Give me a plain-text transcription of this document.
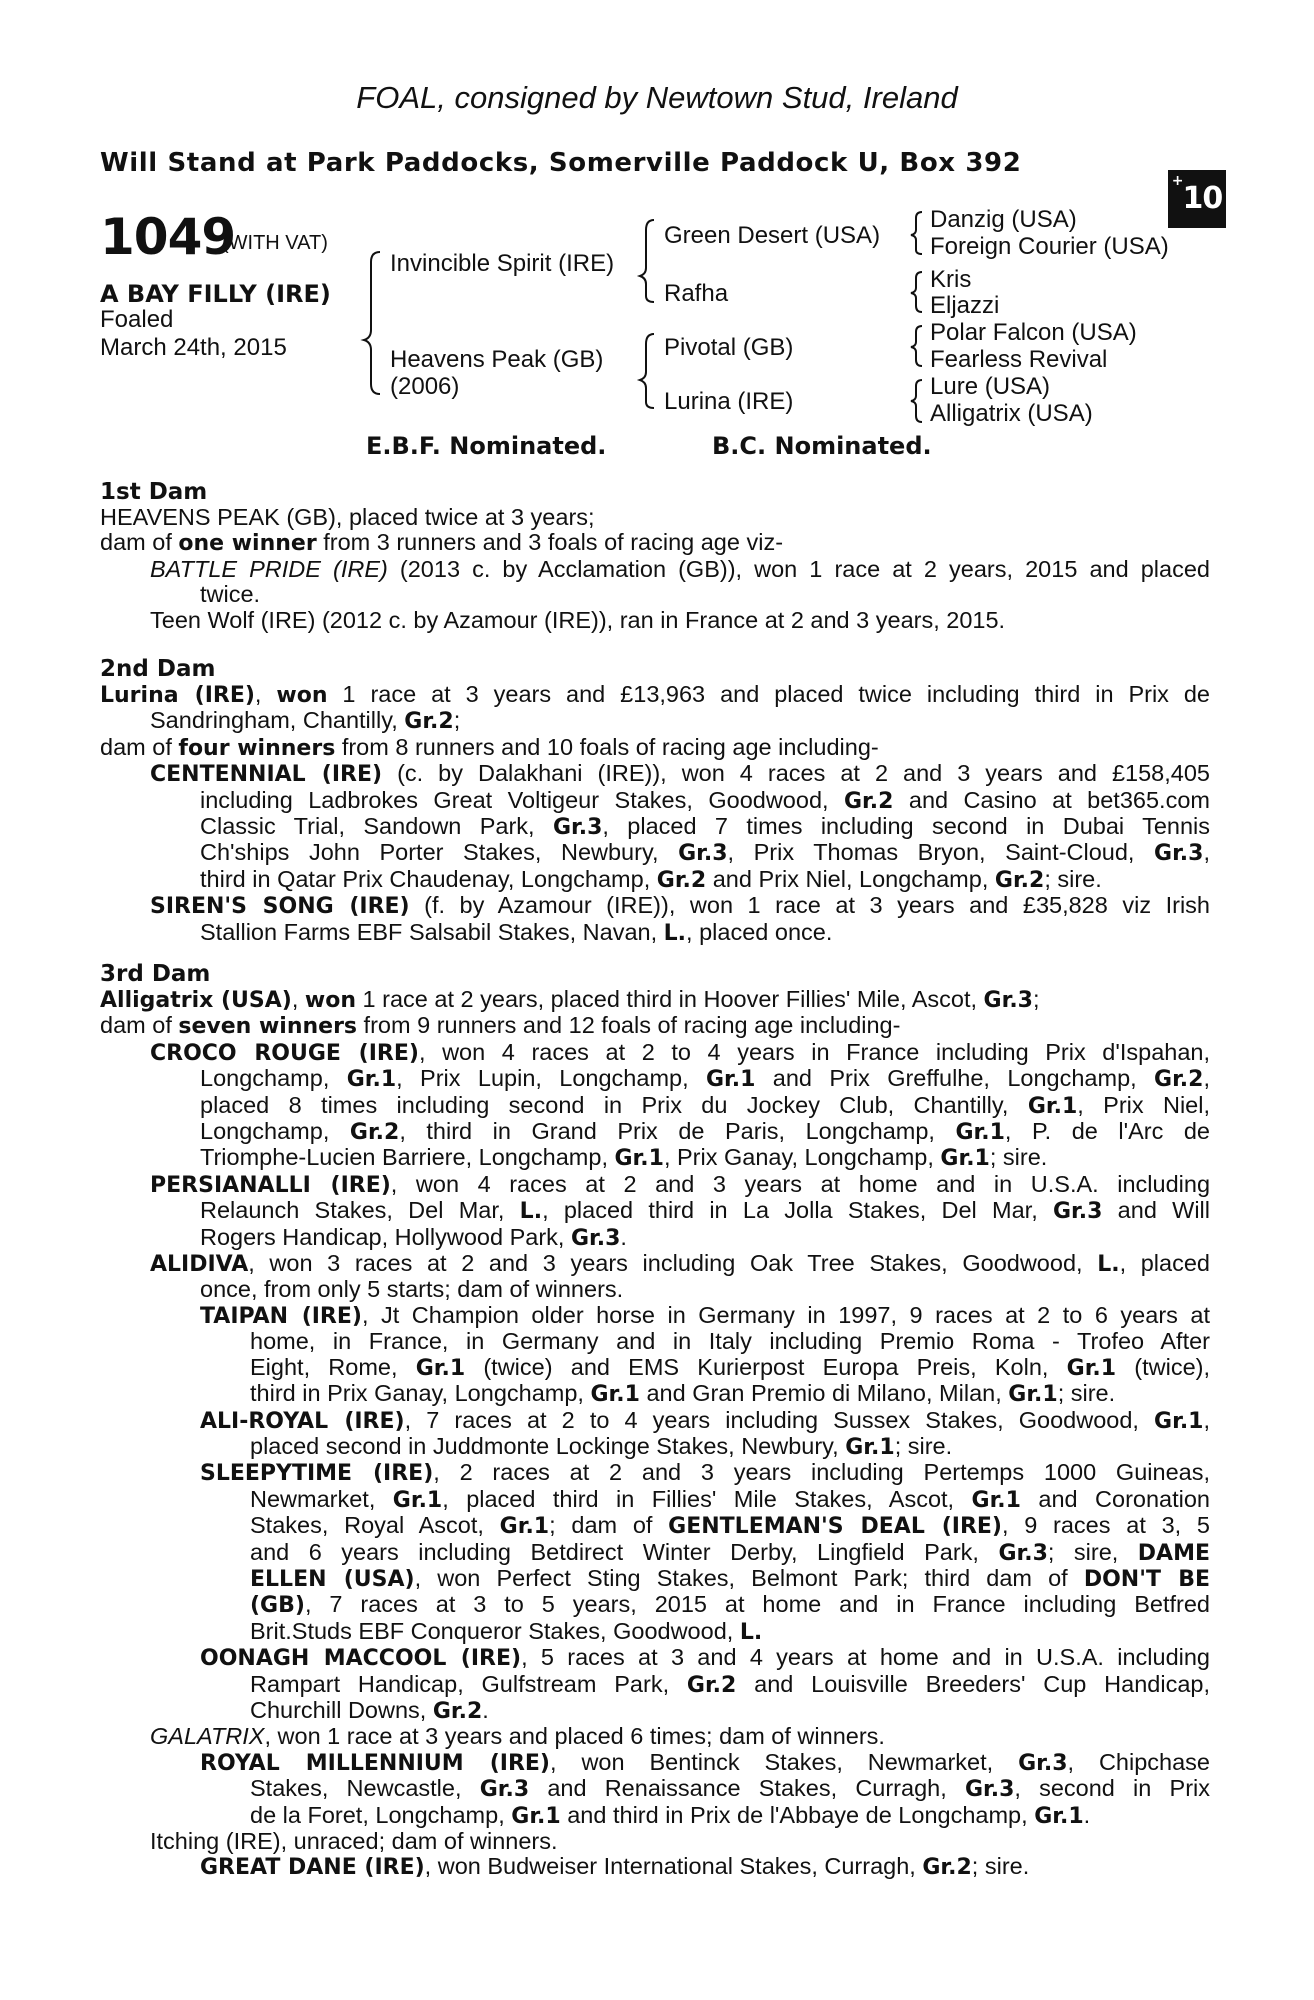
FOAL, consigned by Newtown Stud, Ireland
Will Stand at Park Paddocks, Somerville Paddock U, Box 392
+10
1049
(WITH VAT)
A BAY FILLY (IRE)
Foaled
March 24th, 2015
Invincible Spirit (IRE)
Heavens Peak (GB)
(2006)
Green Desert (USA)
Rafha
Pivotal (GB)
Lurina (IRE)
Danzig (USA)
Foreign Courier (USA)
Kris
Eljazzi
Polar Falcon (USA)
Fearless Revival
Lure (USA)
Alligatrix (USA)
E.B.F. Nominated.	B.C. Nominated.
1st Dam
HEAVENS PEAK (GB), placed twice at 3 years;
dam of one winner from 3 runners and 3 foals of racing age viz-
BATTLE PRIDE (IRE) (2013 c. by Acclamation (GB)), won 1 race at 2 years, 2015 and placed
twice.
Teen Wolf (IRE) (2012 c. by Azamour (IRE)), ran in France at 2 and 3 years, 2015.
2nd Dam
Lurina (IRE), won 1 race at 3 years and £13,963 and placed twice including third in Prix de
Sandringham, Chantilly, Gr.2;
dam of four winners from 8 runners and 10 foals of racing age including-
CENTENNIAL (IRE) (c. by Dalakhani (IRE)), won 4 races at 2 and 3 years and £158,405
including Ladbrokes Great Voltigeur Stakes, Goodwood, Gr.2 and Casino at bet365.com
Classic Trial, Sandown Park, Gr.3, placed 7 times including second in Dubai Tennis
Ch'ships John Porter Stakes, Newbury, Gr.3, Prix Thomas Bryon, Saint-Cloud, Gr.3,
third in Qatar Prix Chaudenay, Longchamp, Gr.2 and Prix Niel, Longchamp, Gr.2; sire.
SIREN'S SONG (IRE) (f. by Azamour (IRE)), won 1 race at 3 years and £35,828 viz Irish
Stallion Farms EBF Salsabil Stakes, Navan, L., placed once.
3rd Dam
Alligatrix (USA), won 1 race at 2 years, placed third in Hoover Fillies' Mile, Ascot, Gr.3;
dam of seven winners from 9 runners and 12 foals of racing age including-
CROCO ROUGE (IRE), won 4 races at 2 to 4 years in France including Prix d'Ispahan,
Longchamp, Gr.1, Prix Lupin, Longchamp, Gr.1 and Prix Greffulhe, Longchamp, Gr.2,
placed 8 times including second in Prix du Jockey Club, Chantilly, Gr.1, Prix Niel,
Longchamp, Gr.2, third in Grand Prix de Paris, Longchamp, Gr.1, P. de l'Arc de
Triomphe-Lucien Barriere, Longchamp, Gr.1, Prix Ganay, Longchamp, Gr.1; sire.
PERSIANALLI (IRE), won 4 races at 2 and 3 years at home and in U.S.A. including
Relaunch Stakes, Del Mar, L., placed third in La Jolla Stakes, Del Mar, Gr.3 and Will
Rogers Handicap, Hollywood Park, Gr.3.
ALIDIVA, won 3 races at 2 and 3 years including Oak Tree Stakes, Goodwood, L., placed
once, from only 5 starts; dam of winners.
TAIPAN (IRE), Jt Champion older horse in Germany in 1997, 9 races at 2 to 6 years at
home, in France, in Germany and in Italy including Premio Roma - Trofeo After
Eight, Rome, Gr.1 (twice) and EMS Kurierpost Europa Preis, Koln, Gr.1 (twice),
third in Prix Ganay, Longchamp, Gr.1 and Gran Premio di Milano, Milan, Gr.1; sire.
ALI-ROYAL (IRE), 7 races at 2 to 4 years including Sussex Stakes, Goodwood, Gr.1,
placed second in Juddmonte Lockinge Stakes, Newbury, Gr.1; sire.
SLEEPYTIME (IRE), 2 races at 2 and 3 years including Pertemps 1000 Guineas,
Newmarket, Gr.1, placed third in Fillies' Mile Stakes, Ascot, Gr.1 and Coronation
Stakes, Royal Ascot, Gr.1; dam of GENTLEMAN'S DEAL (IRE), 9 races at 3, 5
and 6 years including Betdirect Winter Derby, Lingfield Park, Gr.3; sire, DAME
ELLEN (USA), won Perfect Sting Stakes, Belmont Park; third dam of DON'T BE
(GB), 7 races at 3 to 5 years, 2015 at home and in France including Betfred
Brit.Studs EBF Conqueror Stakes, Goodwood, L.
OONAGH MACCOOL (IRE), 5 races at 3 and 4 years at home and in U.S.A. including
Rampart Handicap, Gulfstream Park, Gr.2 and Louisville Breeders' Cup Handicap,
Churchill Downs, Gr.2.
GALATRIX, won 1 race at 3 years and placed 6 times; dam of winners.
ROYAL MILLENNIUM (IRE), won Bentinck Stakes, Newmarket, Gr.3, Chipchase
Stakes, Newcastle, Gr.3 and Renaissance Stakes, Curragh, Gr.3, second in Prix
de la Foret, Longchamp, Gr.1 and third in Prix de l'Abbaye de Longchamp, Gr.1.
Itching (IRE), unraced; dam of winners.
GREAT DANE (IRE), won Budweiser International Stakes, Curragh, Gr.2; sire.
